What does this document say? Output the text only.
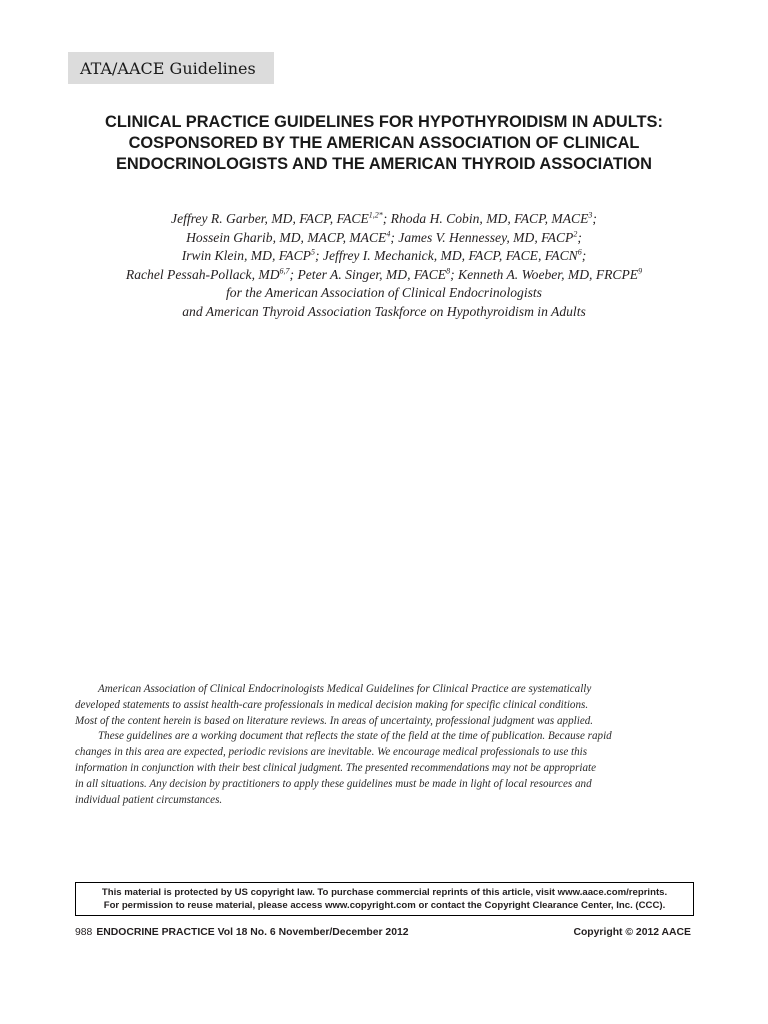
ATA/AACE Guidelines
CLINICAL PRACTICE GUIDELINES FOR HYPOTHYROIDISM IN ADULTS:
COSPONSORED BY THE AMERICAN ASSOCIATION OF CLINICAL
ENDOCRINOLOGISTS AND THE AMERICAN THYROID ASSOCIATION
Jeffrey R. Garber, MD, FACP, $FACE^{1,2*}$; Rhoda H. Cobin, MD, FACP, MACE$^3$;
Hossein Gharib, MD, MACP, MACE$^4$; James V. Hennessey, MD, FACP$^2$;
Irwin Klein, MD, FACP$^5$; Jeffrey I. Mechanick, MD, FACP, FACE, FACN$^6$;
Rachel Pessah-Pollack, MD$^{6,7}$; Peter A. Singer, MD, FACE$^8$; Kenneth A. Woeber, MD, FRCPE$^9$
for the American Association of Clinical Endocrinologists
and American Thyroid Association Taskforce on Hypothyroidism in Adults
American Association of Clinical Endocrinologists Medical Guidelines for Clinical Practice are systematically
developed statements to assist health-care professionals in medical decision making for specific clinical conditions.
Most of the content herein is based on literature reviews. In areas of uncertainty, professional judgment was applied.
These guidelines are a working document that reflects the state of the field at the time of publication. Because rapid
changes in this area are expected, periodic revisions are inevitable. We encourage medical professionals to use this
information in conjunction with their best clinical judgment. The presented recommendations may not be appropriate
in all situations. Any decision by practitioners to apply these guidelines must be made in light of local resources and
individual patient circumstances.
This material is protected by US copyright law. To purchase commercial reprints of this article, visit www.aace.com/reprints.
For permission to reuse material, please access www.copyright.com or contact the Copyright Clearance Center, Inc. (CCC).
988 ENDOCRINE PRACTICE Vol 18 No. 6 November/December 2012	Copyright © 2012 AACE
